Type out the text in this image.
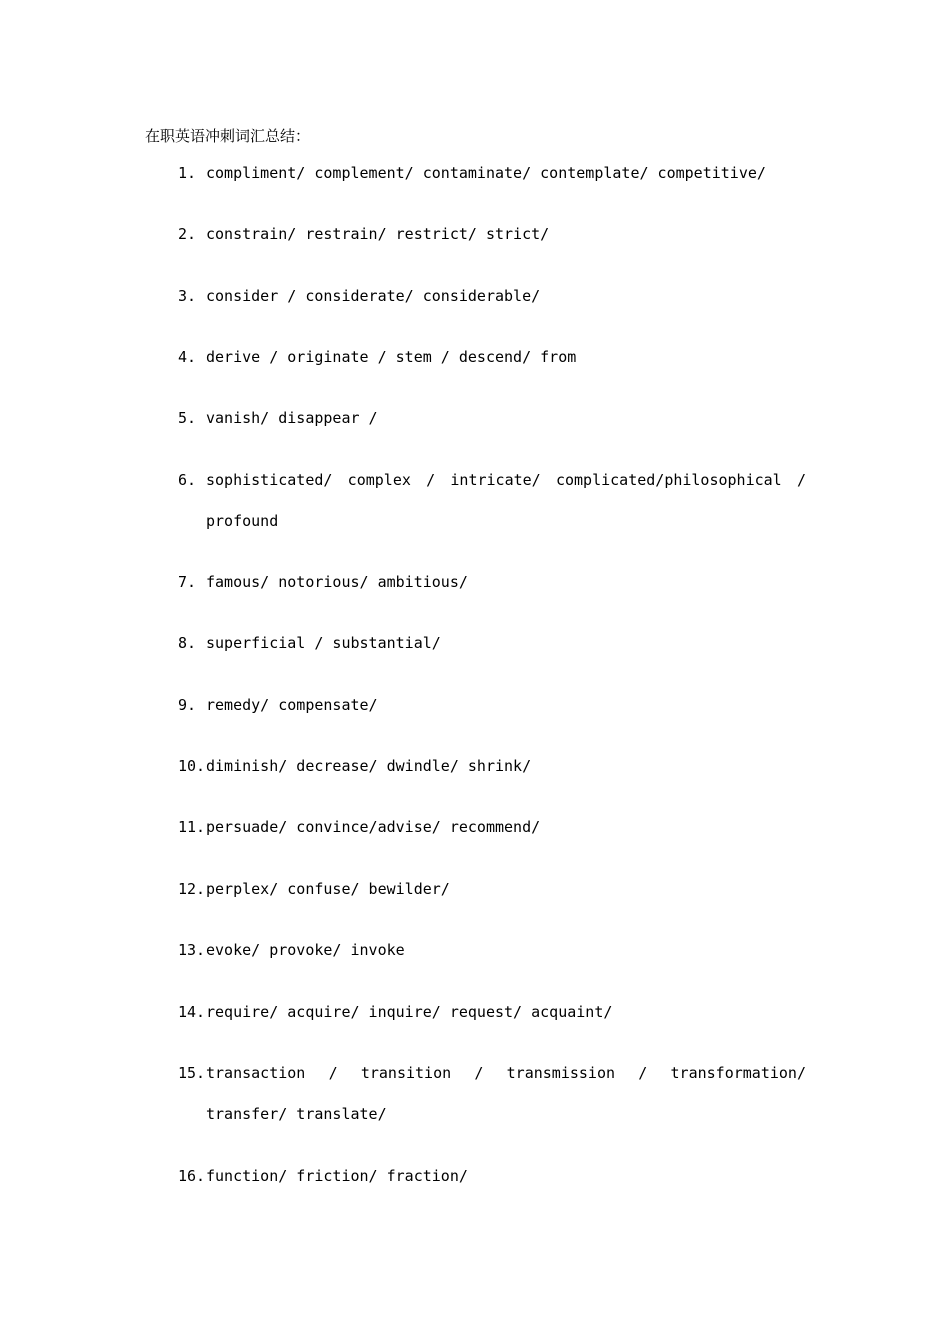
在职英语冲刺词汇总结：
1. compliment/ complement/ contaminate/ contemplate/ competitive/
2. constrain/ restrain/ restrict/ strict/
3. consider / considerate/ considerable/
4. derive / originate / stem / descend/ from
5. vanish/ disappear /
6. sophisticated/ complex / intricate/ complicated/philosophical / profound
7. famous/ notorious/ ambitious/
8. superficial / substantial/
9. remedy/ compensate/
10. diminish/ decrease/ dwindle/ shrink/
11. persuade/ convince/advise/ recommend/
12. perplex/ confuse/ bewilder/
13. evoke/ provoke/ invoke
14. require/ acquire/ inquire/ request/ acquaint/
15. transaction / transition / transmission / transformation/ transfer/ translate/
16. function/ friction/ fraction/
